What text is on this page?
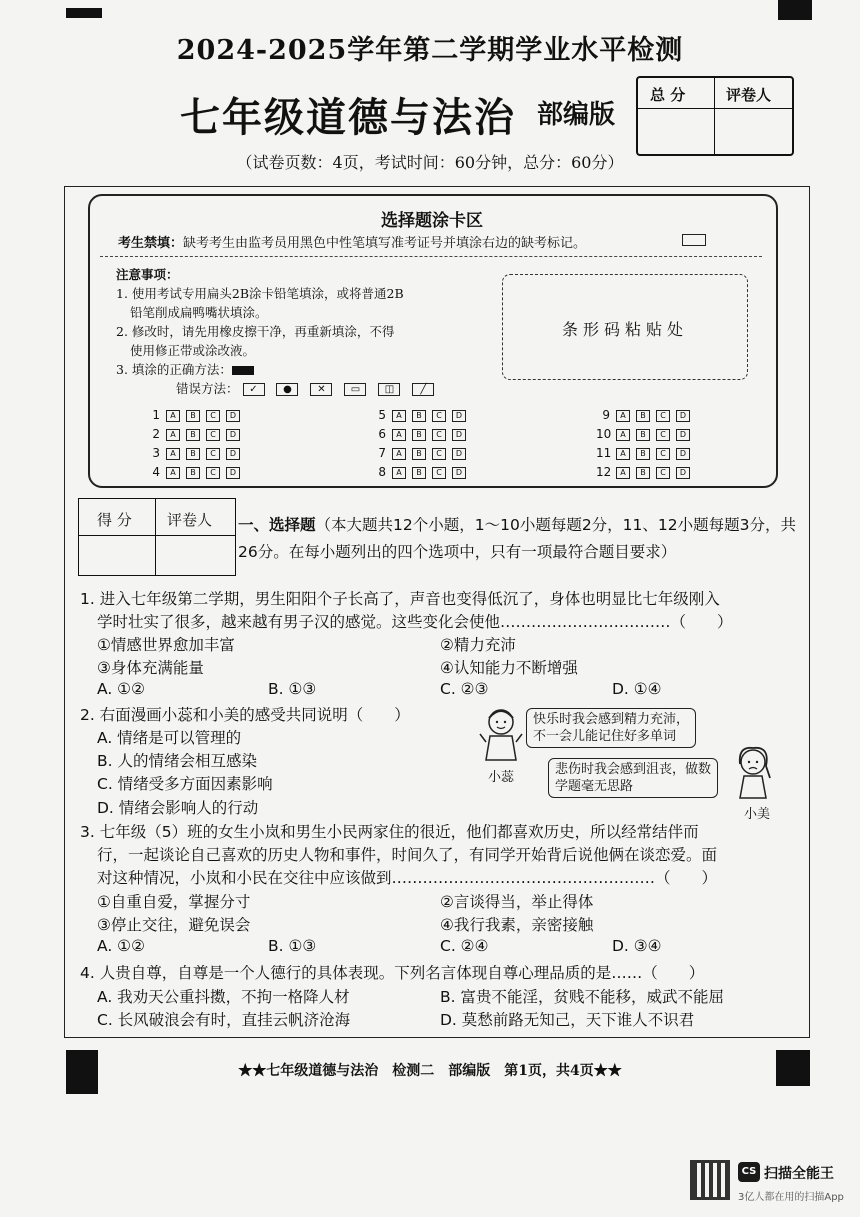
2024-2025学年第二学期学业水平检测
七年级道德与法治 部编版
（试卷页数：4页，考试时间：60分钟，总分：60分）
总 分	评卷人
选择题涂卡区
考生禁填：缺考考生由监考员用黑色中性笔填写准考证号并填涂右边的缺考标记。
注意事项：
1. 使用考试专用扁头2B涂卡铅笔填涂，或将普通2B
铅笔削成扁鸭嘴状填涂。
2. 修改时，请先用橡皮擦干净，再重新填涂，不得
使用修正带或涂改液。
3. 填涂的正确方法：
错误方法： ✓	●	✕	▭ ◫	╱
条形码粘贴处
1 A B C D
2 A B C D
3 A B C D
4 A B C D
5 A B C D
6 A B C D
7 A B C D
8 A B C D
9 A B C D
10 A B C D
11 A B C D
12 A B C D
得 分 评卷人 一、选择题（本大题共12个小题，1～10小题每题2分，11、12小题每题3分，共26分。在每小题列出的四个选项中，只有一项最符合题目要求）
1. 进入七年级第二学期，男生阳阳个子长高了，声音也变得低沉了，身体也明显比七年级刚入
学时壮实了很多，越来越有男子汉的感觉。这些变化会使他……………………………（　　）
①情感世界愈加丰富	②精力充沛
③身体充满能量	④认知能力不断增强
A. ①②	B. ①③	C. ②③	D. ①④
2. 右面漫画小蕊和小美的感受共同说明（　　）
A. 情绪是可以管理的
B. 人的情绪会相互感染
C. 情绪受多方面因素影响
D. 情绪会影响人的行动
小蕊
快乐时我会感到精力充沛，
不一会儿能记住好多单词
悲伤时我会感到沮丧，做数
学题毫无思路
小美
3. 七年级（5）班的女生小岚和男生小民两家住的很近，他们都喜欢历史，所以经常结伴而
行，一起谈论自己喜欢的历史人物和事件，时间久了，有同学开始背后说他俩在谈恋爱。面
对这种情况，小岚和小民在交往中应该做到……………………………………………（　　）
①自重自爱，掌握分寸	②言谈得当，举止得体
③停止交往，避免误会	④我行我素，亲密接触
A. ①②	B. ①③	C. ②④	D. ③④
4. 人贵自尊，自尊是一个人德行的具体表现。下列名言体现自尊心理品质的是……（　　）
A. 我劝天公重抖擞，不拘一格降人材	B. 富贵不能淫，贫贱不能移，威武不能屈
C. 长风破浪会有时，直挂云帆济沧海	D. 莫愁前路无知己，天下谁人不识君
★★七年级道德与法治　检测二　部编版　第1页，共4页★★
CS 扫描全能王
3亿人都在用的扫描App
